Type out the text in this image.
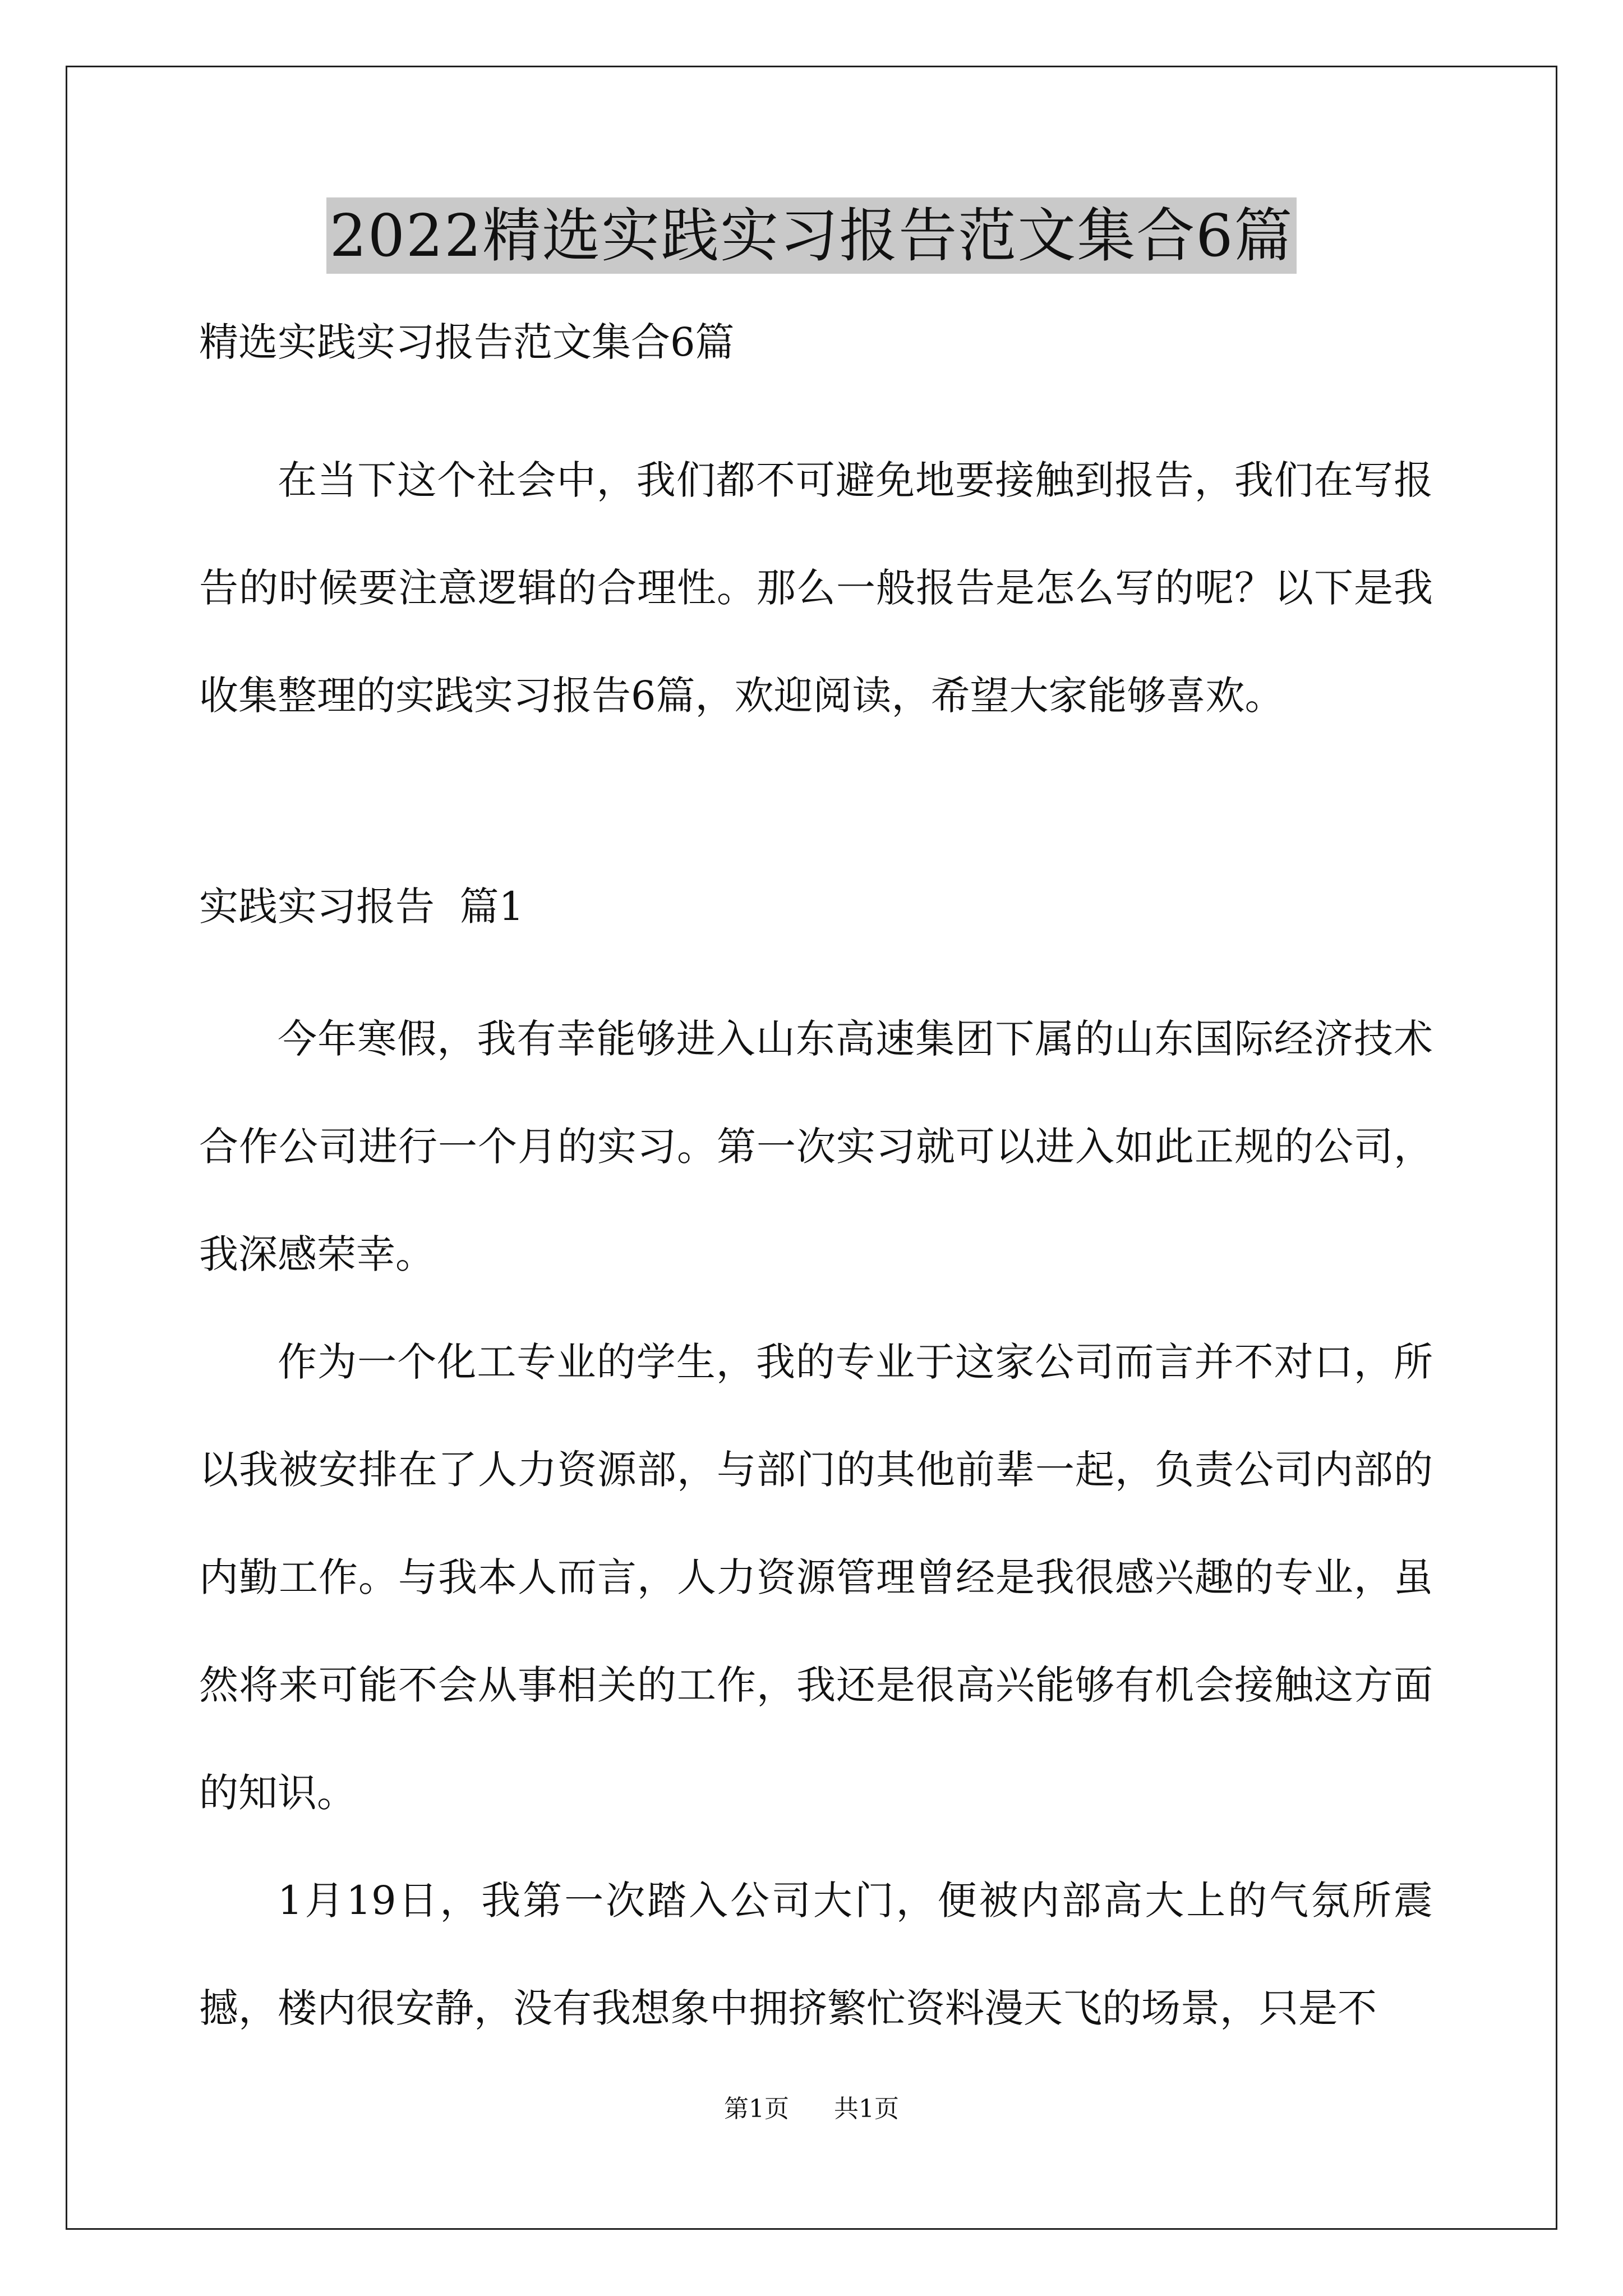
2022精选实践实习报告范文集合6篇
精选实践实习报告范文集合6篇

在当下这个社会中，我们都不可避免地要接触到报告，我们在写报告的时候要注意逻辑的合理性。那么一般报告是怎么写的呢？以下是我收集整理的实践实习报告6篇，欢迎阅读，希望大家能够喜欢。

实践实习报告  篇1

今年寒假，我有幸能够进入山东高速集团下属的山东国际经济技术合作公司进行一个月的实习。第一次实习就可以进入如此正规的公司，我深感荣幸。

作为一个化工专业的学生，我的专业于这家公司而言并不对口，所以我被安排在了人力资源部，与部门的其他前辈一起，负责公司内部的内勤工作。与我本人而言，人力资源管理曾经是我很感兴趣的专业，虽然将来可能不会从事相关的工作，我还是很高兴能够有机会接触这方面的知识。

1月19日，我第一次踏入公司大门，便被内部高大上的气氛所震撼，楼内很安静，没有我想象中拥挤繁忙资料漫天飞的场景，只是不

第1页 共1页
